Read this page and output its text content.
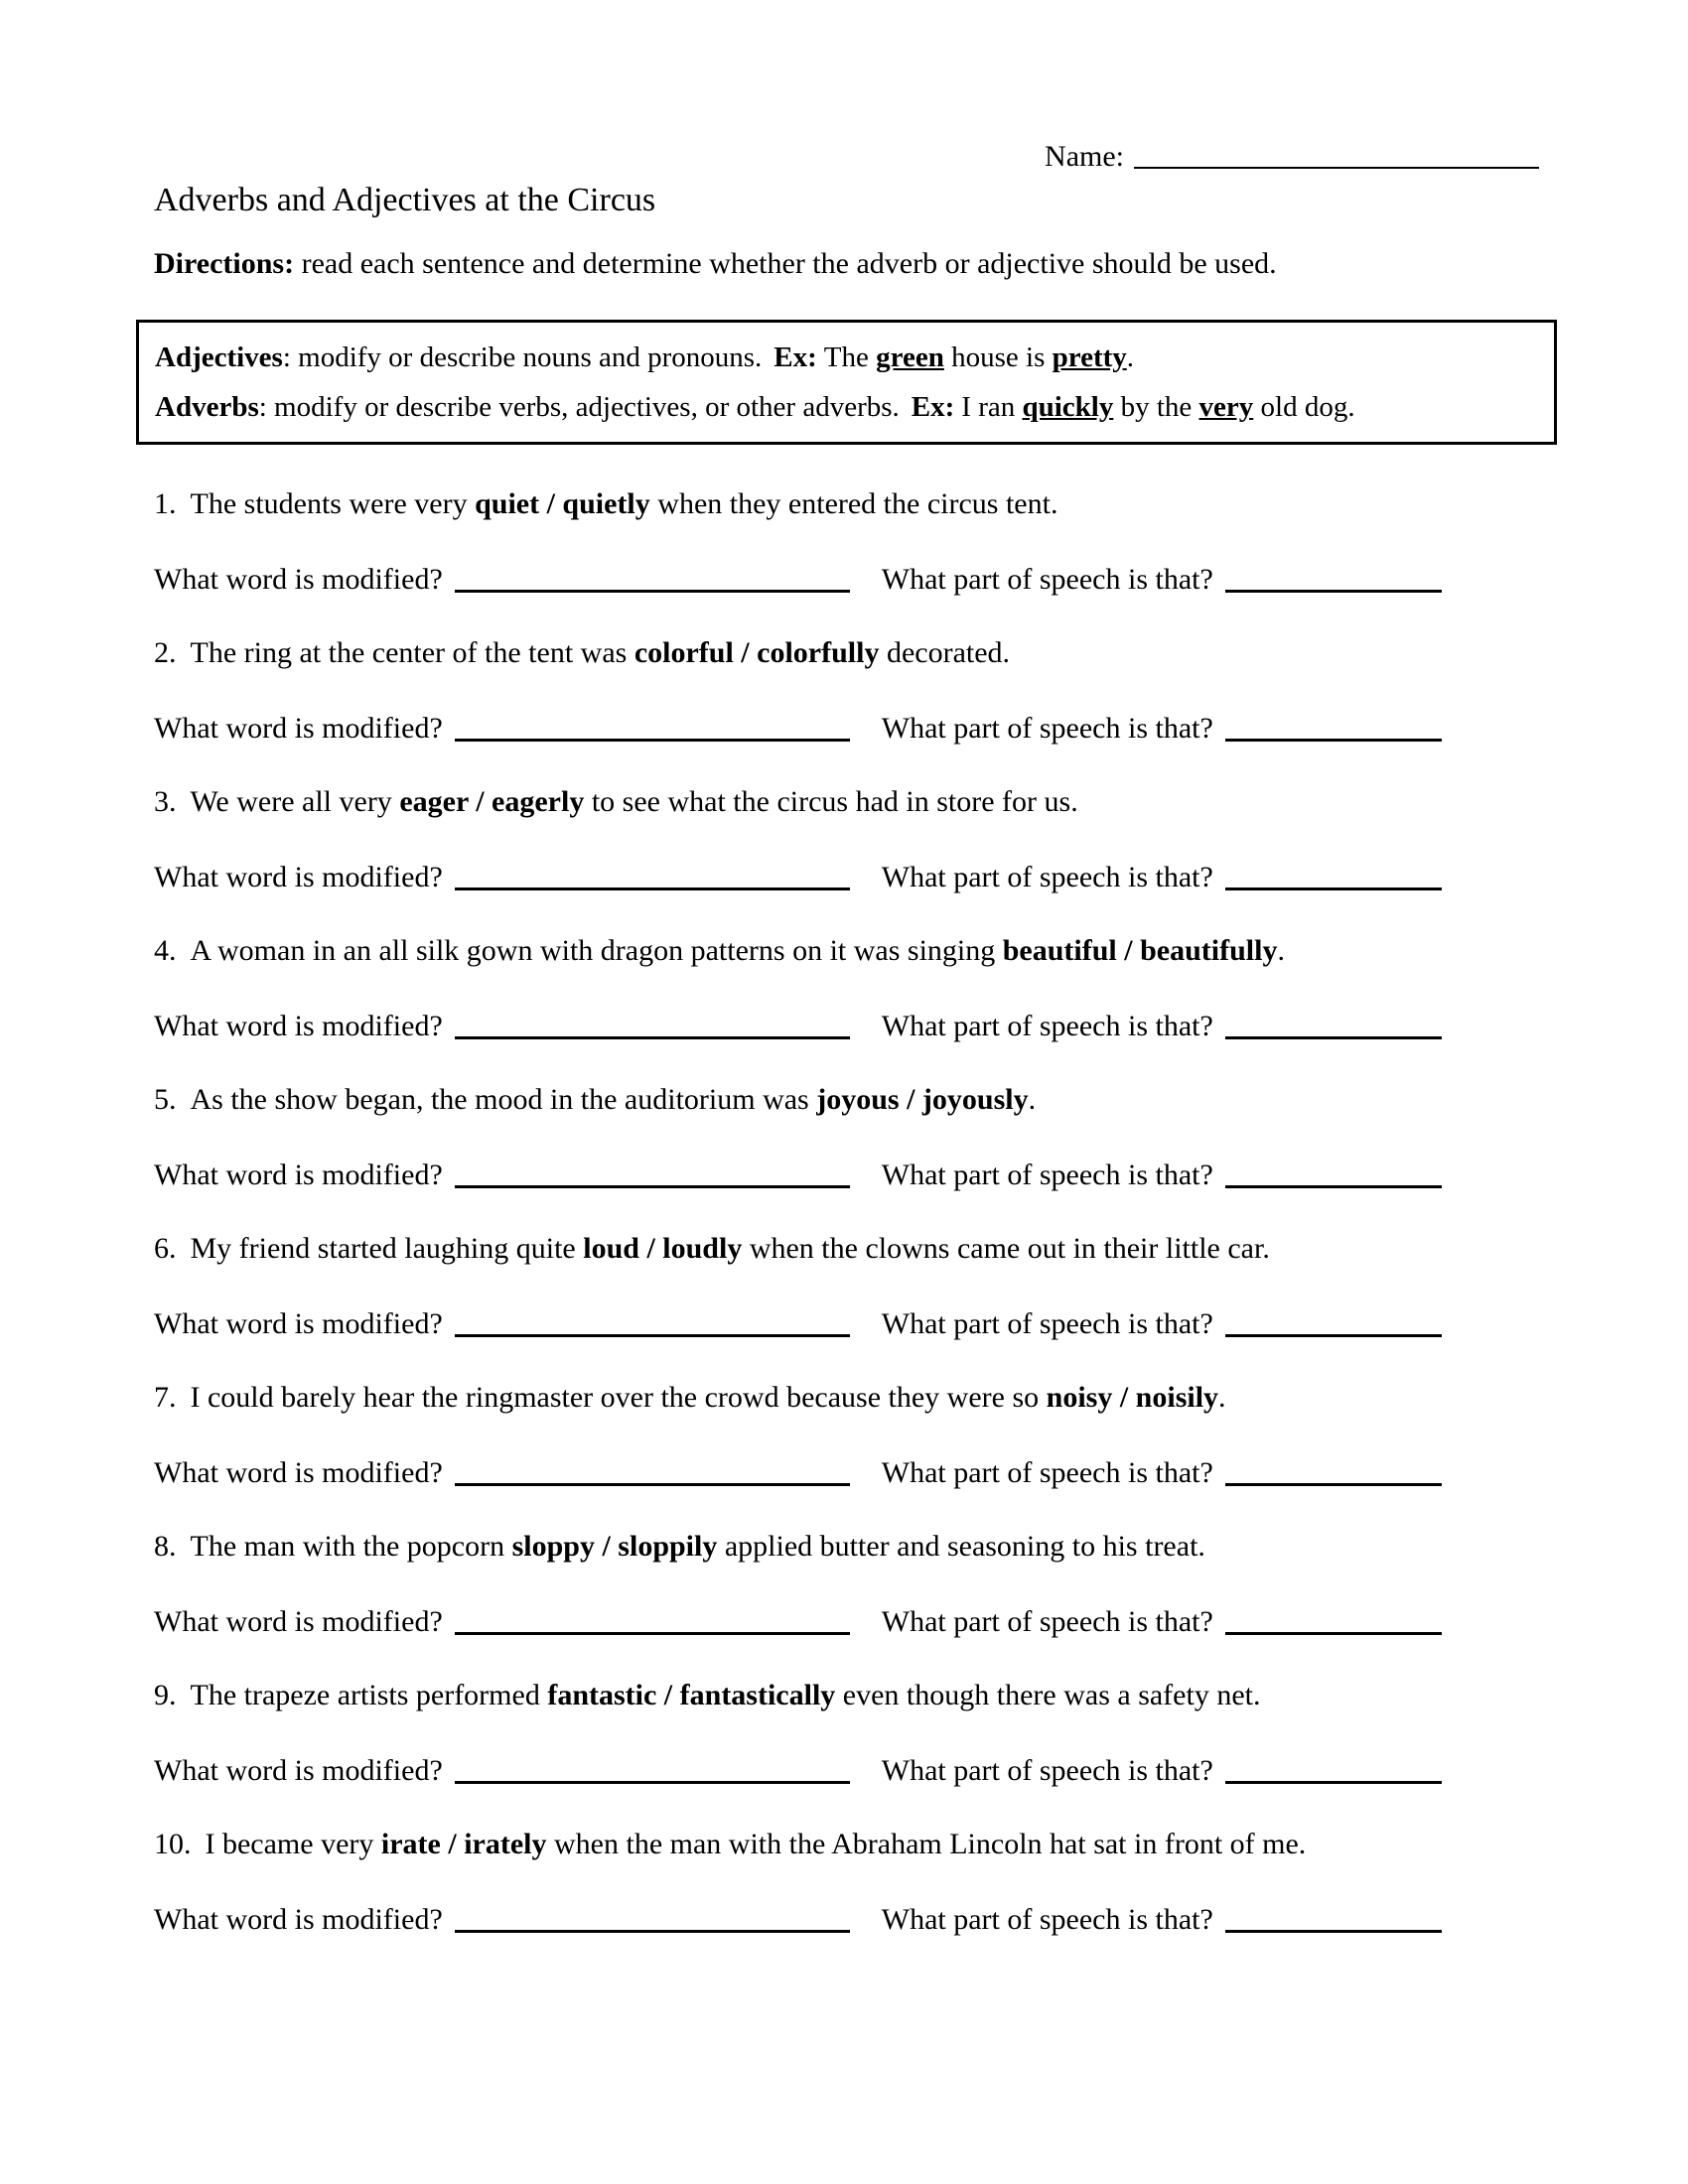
Name:
Adverbs and Adjectives at the Circus

Directions: read each sentence and determine whether the adverb or adjective should be used.

Adjectives: modify or describe nouns and pronouns. Ex: The green house is pretty.

Adverbs: modify or describe verbs, adjectives, or other adverbs. Ex: I ran quickly by the very old dog.

1. The students were very quiet / quietly when they entered the circus tent.

What word is modified?	What part of speech is that?

2. The ring at the center of the tent was colorful / colorfully decorated.

What word is modified?	What part of speech is that?

3. We were all very eager / eagerly to see what the circus had in store for us.

What word is modified?	What part of speech is that?

4. A woman in an all silk gown with dragon patterns on it was singing beautiful / beautifully.

What word is modified?	What part of speech is that?

5. As the show began, the mood in the auditorium was joyous / joyously.

What word is modified?	What part of speech is that?

6. My friend started laughing quite loud / loudly when the clowns came out in their little car.

What word is modified?	What part of speech is that?

7. I could barely hear the ringmaster over the crowd because they were so noisy / noisily.

What word is modified?	What part of speech is that?

8. The man with the popcorn sloppy / sloppily applied butter and seasoning to his treat.

What word is modified?	What part of speech is that?

9. The trapeze artists performed fantastic / fantastically even though there was a safety net.

What word is modified?	What part of speech is that?

10. I became very irate / irately when the man with the Abraham Lincoln hat sat in front of me.

What word is modified?	What part of speech is that?
